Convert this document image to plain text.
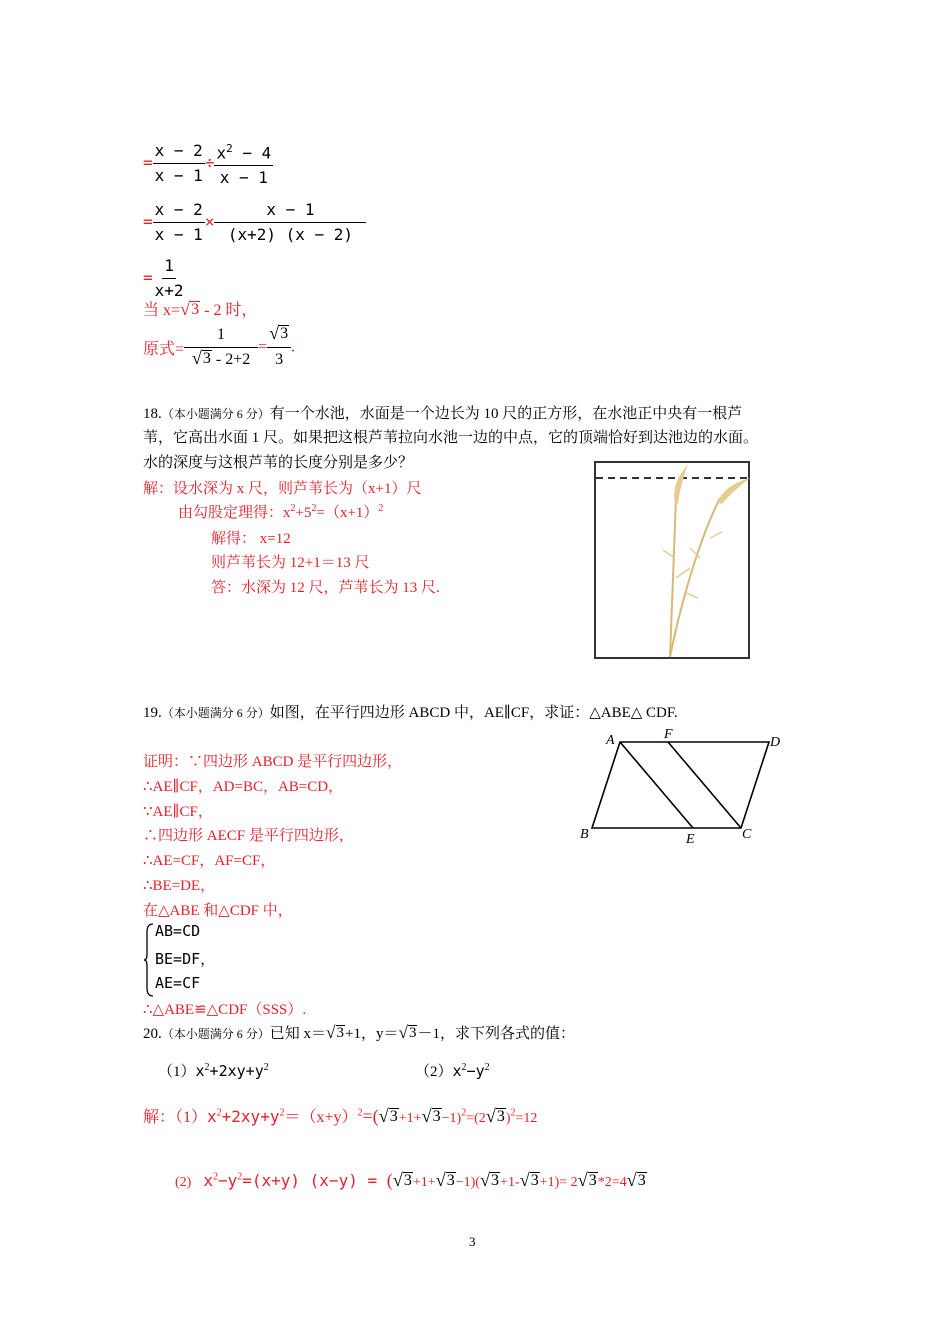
= $\frac{x - 2}{x - 1} \div \frac{x^2 - 4}{x - 1}$
= $\frac{x - 2}{x - 1} \times \frac{x - 1}{(x+2) (x - 2)}$
= $\frac{1}{x+2}$
当 x= √ 3 - 2 时，
原式= $\frac{1}{√ 3 - 2+2} = \frac{√ 3}{3}$ .
18.（本小题满分 6 分）有一个水池，水面是一个边长为 10 尺的正方形，在水池正中央有一根芦
苇，它高出水面 1 尺。如果把这根芦苇拉向水池一边的中点，它的顶端恰好到达池边的水面。
水的深度与这根芦苇的长度分别是多少？
解：设水深为 x 尺，则芦苇长为（x+1）尺
由勾股定理得：$x^2+5^2=(x+1)^2$
解得： x=12
则芦苇长为 12+1＝13 尺
答：水深为 12 尺，芦苇长为 13 尺.
19.（本小题满分 6 分）如图，在平行四边形 ABCD 中，AE∥CF，求证：△ABE△ CDF.
证明：∵四边形 ABCD 是平行四边形，
∴AE∥CF，AD=BC，AB=CD，
∵AE∥CF，
∴四边形 AECF 是平行四边形，
∴AE=CF，AF=CF，
∴BE=DE，
在△ABE 和△CDF 中，
AB=CD
BE=DF，
AE=CF
∴△ABE≌△CDF（SSS）.
A	F
D
B	E	C
20.（本小题满分 6 分）已知 x＝ √ 3 +1，y＝ √ 3 －1，求下列各式的值：
$(1)x^2+2xy+y^2$	$(2)x^2-y^2$
解：$(1)x^2+2xy+y^2=(x+y)^2=$( √ 3 +1+ √ 3 −1)$^2$=(2 √ 3 )$^2$=12
(2) $x^2-y^2=(x+y) (x-y)$ = ( √ 3 +1+ √ 3 −1)( √ 3 +1- √ 3 +1)= 2 √ 3 *2=4 √ 3
3
